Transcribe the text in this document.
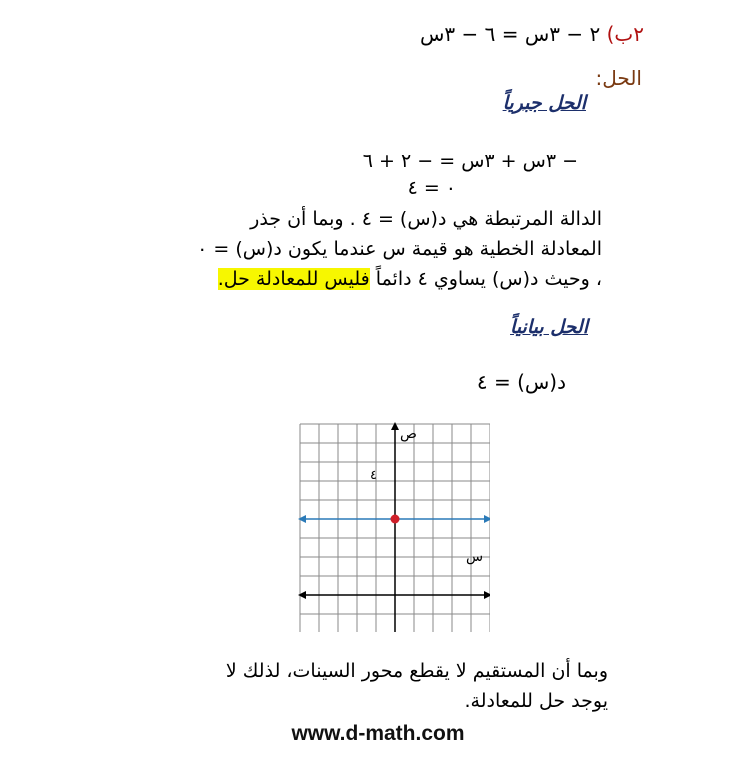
٢ب) ٢ − ٣س = ٦ − ٣س
الحل:
الحل جبرياً
− ٣س + ٣س = − ٢ + ٦
٠ = ٤
الدالة المرتبطة هي د(س) = ٤ . وبما أن جذر
المعادلة الخطية هو قيمة س عندما يكون د(س) = ٠
، وحيث د(س) يساوي ٤ دائماً فليس للمعادلة حل.
الحل بيانياً
د(س) = ٤
ص
س
٤
وبما أن المستقيم لا يقطع محور السينات، لذلك لا
يوجد حل للمعادلة.
www.d-math.com
